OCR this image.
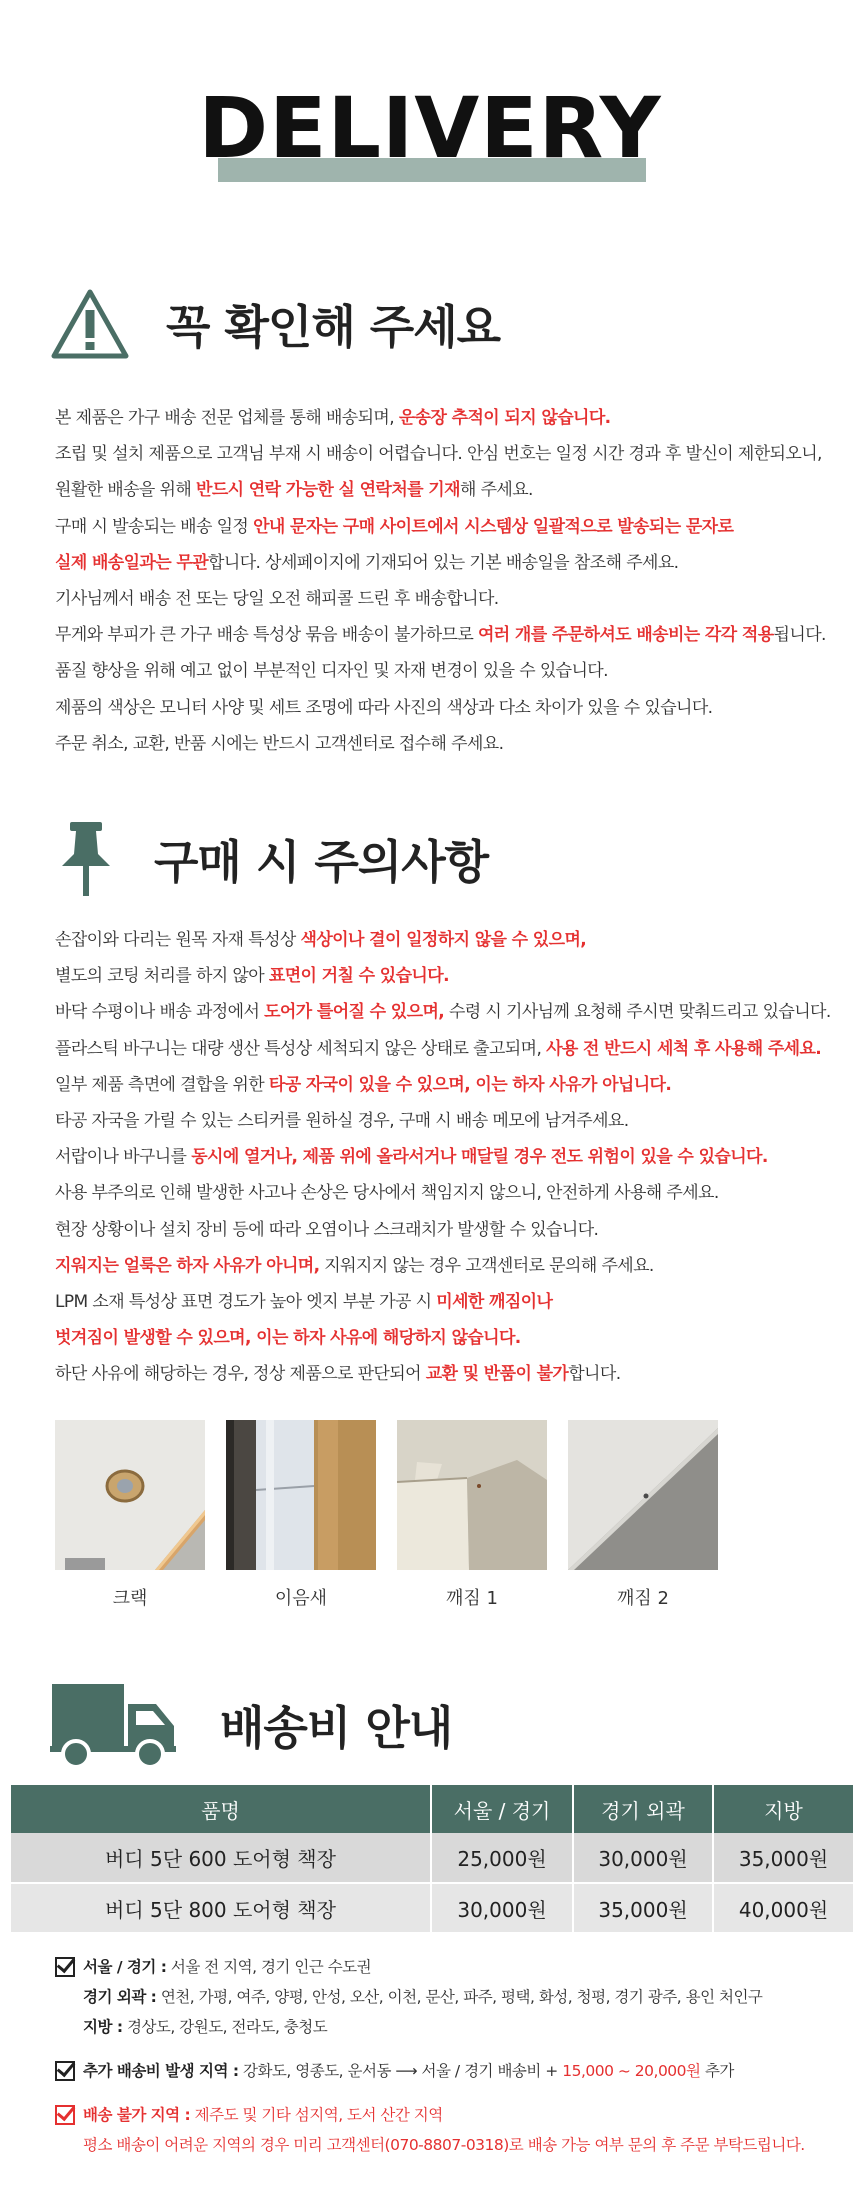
DELIVERY
꼭 확인해 주세요
본 제품은 가구 배송 전문 업체를 통해 배송되며, 운송장 추적이 되지 않습니다.
조립 및 설치 제품으로 고객님 부재 시 배송이 어렵습니다. 안심 번호는 일정 시간 경과 후 발신이 제한되오니,
원활한 배송을 위해 반드시 연락 가능한 실 연락처를 기재해 주세요.
구매 시 발송되는 배송 일정 안내 문자는 구매 사이트에서 시스템상 일괄적으로 발송되는 문자로
실제 배송일과는 무관합니다. 상세페이지에 기재되어 있는 기본 배송일을 참조해 주세요.
기사님께서 배송 전 또는 당일 오전 해피콜 드린 후 배송합니다.
무게와 부피가 큰 가구 배송 특성상 묶음 배송이 불가하므로 여러 개를 주문하셔도 배송비는 각각 적용됩니다.
품질 향상을 위해 예고 없이 부분적인 디자인 및 자재 변경이 있을 수 있습니다.
제품의 색상은 모니터 사양 및 세트 조명에 따라 사진의 색상과 다소 차이가 있을 수 있습니다.
주문 취소, 교환, 반품 시에는 반드시 고객센터로 접수해 주세요.
구매 시 주의사항
손잡이와 다리는 원목 자재 특성상 색상이나 결이 일정하지 않을 수 있으며,
별도의 코팅 처리를 하지 않아 표면이 거칠 수 있습니다.
바닥 수평이나 배송 과정에서 도어가 틀어질 수 있으며, 수령 시 기사님께 요청해 주시면 맞춰드리고 있습니다.
플라스틱 바구니는 대량 생산 특성상 세척되지 않은 상태로 출고되며, 사용 전 반드시 세척 후 사용해 주세요.
일부 제품 측면에 결합을 위한 타공 자국이 있을 수 있으며, 이는 하자 사유가 아닙니다.
타공 자국을 가릴 수 있는 스티커를 원하실 경우, 구매 시 배송 메모에 남겨주세요.
서랍이나 바구니를 동시에 열거나, 제품 위에 올라서거나 매달릴 경우 전도 위험이 있을 수 있습니다.
사용 부주의로 인해 발생한 사고나 손상은 당사에서 책임지지 않으니, 안전하게 사용해 주세요.
현장 상황이나 설치 장비 등에 따라 오염이나 스크래치가 발생할 수 있습니다.
지워지는 얼룩은 하자 사유가 아니며, 지워지지 않는 경우 고객센터로 문의해 주세요.
LPM 소재 특성상 표면 경도가 높아 엣지 부분 가공 시 미세한 깨짐이나
벗겨짐이 발생할 수 있으며, 이는 하자 사유에 해당하지 않습니다.
하단 사유에 해당하는 경우, 정상 제품으로 판단되어 교환 및 반품이 불가합니다.
크랙	이음새	깨짐 1	깨짐 2
배송비 안내
품명	서울 / 경기	경기 외곽	지방
버디 5단 600 도어형 책장	25,000원	30,000원	35,000원
버디 5단 800 도어형 책장	30,000원	35,000원	40,000원
서울 / 경기 : 서울 전 지역, 경기 인근 수도권
경기 외곽 : 연천, 가평, 여주, 양평, 안성, 오산, 이천, 문산, 파주, 평택, 화성, 청평, 경기 광주, 용인 처인구
지방 : 경상도, 강원도, 전라도, 충청도
추가 배송비 발생 지역 : 강화도, 영종도, 운서동 ⟶ 서울 / 경기 배송비 + 15,000 ~ 20,000원 추가
배송 불가 지역 : 제주도 및 기타 섬지역, 도서 산간 지역
평소 배송이 어려운 지역의 경우 미리 고객센터(070-8807-0318)로 배송 가능 여부 문의 후 주문 부탁드립니다.
